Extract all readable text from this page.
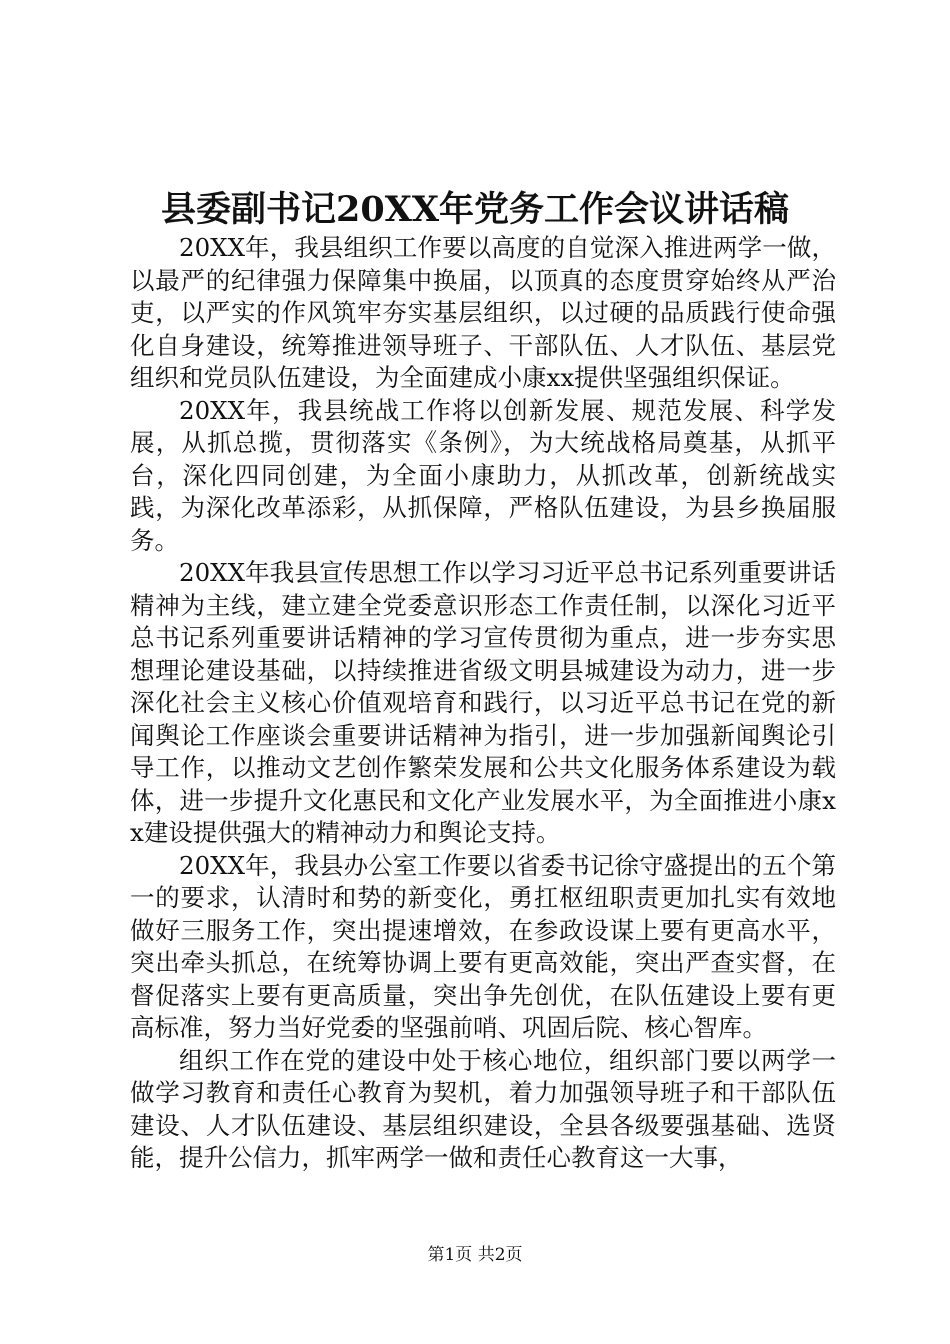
县委副书记20XX年党务工作会议讲话稿

20XX年，我县组织工作要以高度的自觉深入推进两学一做，以最严的纪律强力保障集中换届，以顶真的态度贯穿始终从严治吏，以严实的作风筑牢夯实基层组织，以过硬的品质践行使命强化自身建设，统筹推进领导班子、干部队伍、人才队伍、基层党组织和党员队伍建设，为全面建成小康xx提供坚强组织保证。

20XX年，我县统战工作将以创新发展、规范发展、科学发展，从抓总揽，贯彻落实《条例》，为大统战格局奠基，从抓平台，深化四同创建，为全面小康助力，从抓改革，创新统战实践，为深化改革添彩，从抓保障，严格队伍建设，为县乡换届服务。

20XX年我县宣传思想工作以学习习近平总书记系列重要讲话精神为主线，建立建全党委意识形态工作责任制，以深化习近平总书记系列重要讲话精神的学习宣传贯彻为重点，进一步夯实思想理论建设基础，以持续推进省级文明县城建设为动力，进一步深化社会主义核心价值观培育和践行，以习近平总书记在党的新闻舆论工作座谈会重要讲话精神为指引，进一步加强新闻舆论引导工作，以推动文艺创作繁荣发展和公共文化服务体系建设为载体，进一步提升文化惠民和文化产业发展水平，为全面推进小康xx建设提供强大的精神动力和舆论支持。

20XX年，我县办公室工作要以省委书记徐守盛提出的五个第一的要求，认清时和势的新变化，勇扛枢纽职责更加扎实有效地做好三服务工作，突出提速增效，在参政设谋上要有更高水平，突出牵头抓总，在统筹协调上要有更高效能，突出严查实督，在督促落实上要有更高质量，突出争先创优，在队伍建设上要有更高标准，努力当好党委的坚强前哨、巩固后院、核心智库。

组织工作在党的建设中处于核心地位，组织部门要以两学一做学习教育和责任心教育为契机，着力加强领导班子和干部队伍建设、人才队伍建设、基层组织建设，全县各级要强基础、选贤能，提升公信力，抓牢两学一做和责任心教育这一大事，

第1页 共2页
